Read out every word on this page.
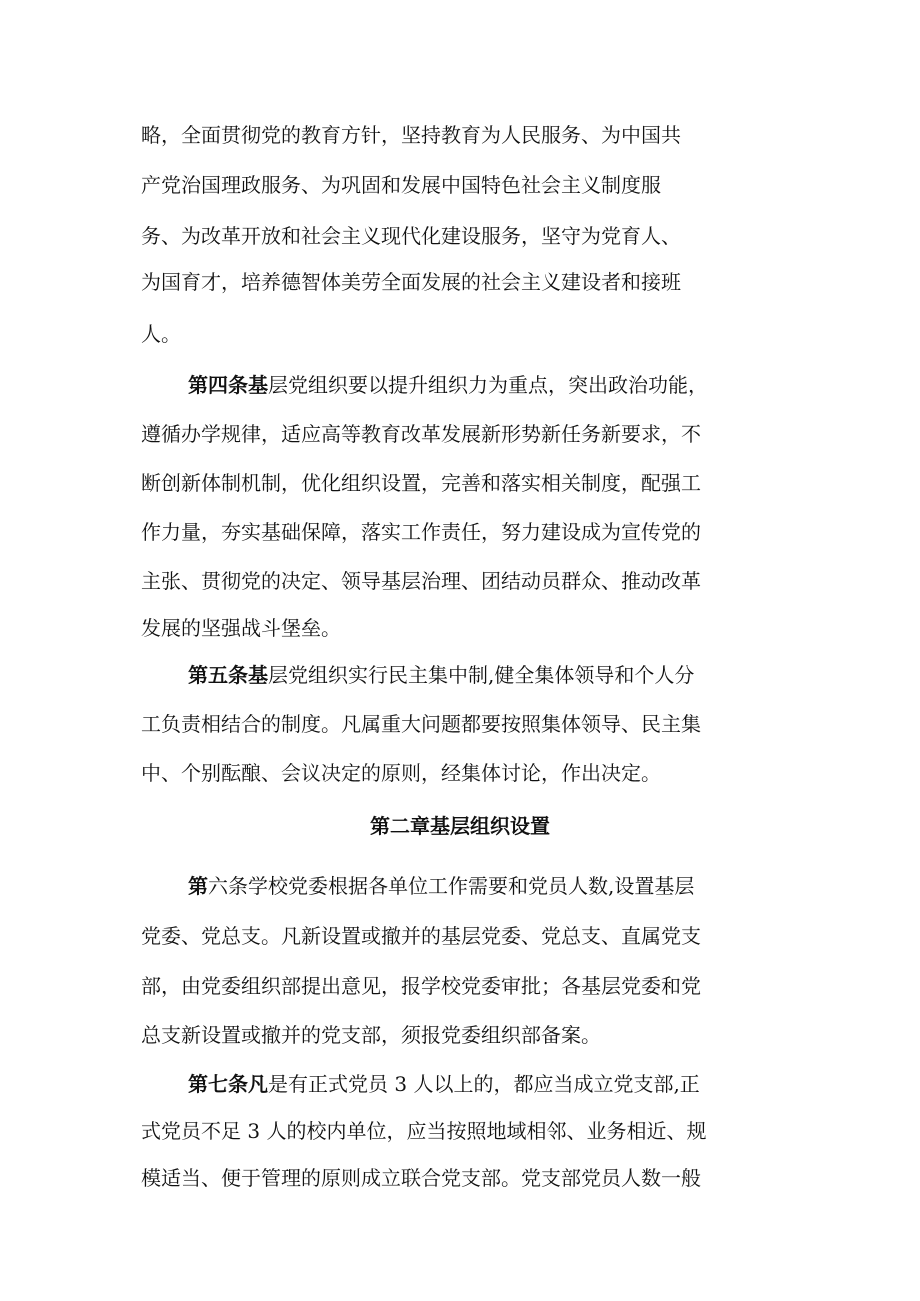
略，全面贯彻党的教育方针，坚持教育为人民服务、为中国共
产党治国理政服务、为巩固和发展中国特色社会主义制度服
务、为改革开放和社会主义现代化建设服务，坚守为党育人、
为国育才，培养德智体美劳全面发展的社会主义建设者和接班
人。
第四条基层党组织要以提升组织力为重点，突出政治功能，
遵循办学规律，适应高等教育改革发展新形势新任务新要求，不
断创新体制机制，优化组织设置，完善和落实相关制度，配强工
作力量，夯实基础保障，落实工作责任，努力建设成为宣传党的
主张、贯彻党的决定、领导基层治理、团结动员群众、推动改革
发展的坚强战斗堡垒。
第五条基层党组织实行民主集中制,健全集体领导和个人分
工负责相结合的制度。凡属重大问题都要按照集体领导、民主集
中、个别酝酿、会议决定的原则，经集体讨论，作出决定。
第二章基层组织设置
第六条学校党委根据各单位工作需要和党员人数,设置基层
党委、党总支。凡新设置或撤并的基层党委、党总支、直属党支
部，由党委组织部提出意见，报学校党委审批；各基层党委和党
总支新设置或撤并的党支部，须报党委组织部备案。
第七条凡是有正式党员 3 人以上的，都应当成立党支部,正
式党员不足 3 人的校内单位，应当按照地域相邻、业务相近、规
模适当、便于管理的原则成立联合党支部。党支部党员人数一般
